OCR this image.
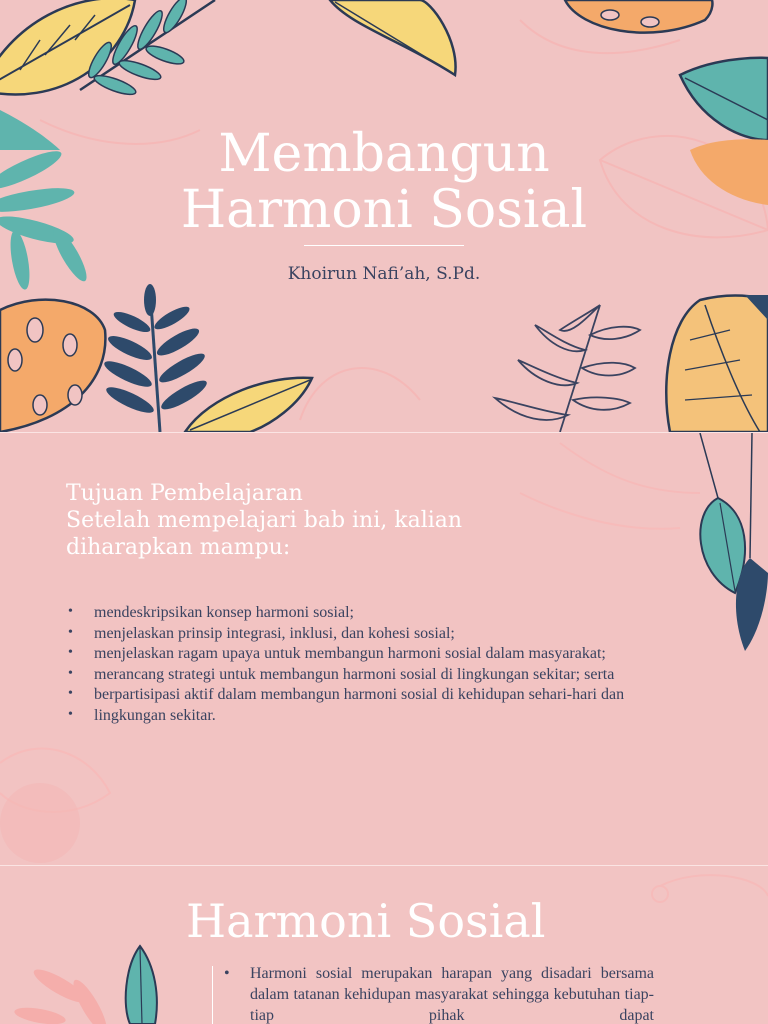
Membangun
Harmoni Sosial
Khoirun Nafi’ah, S.Pd.
Tujuan Pembelajaran
Setelah mempelajari bab ini, kalian
diharapkan mampu:
• mendeskripsikan konsep harmoni sosial;
• menjelaskan prinsip integrasi, inklusi, dan kohesi sosial;
• menjelaskan ragam upaya untuk membangun harmoni sosial dalam masyarakat;
• merancang strategi untuk membangun harmoni sosial di lingkungan sekitar; serta
• berpartisipasi aktif dalam membangun harmoni sosial di kehidupan sehari-hari dan
• lingkungan sekitar.
Harmoni Sosial
• Harmoni sosial merupakan harapan yang disadari bersama dalam tatanan kehidupan masyarakat sehingga kebutuhan tiap-tiap pihak dapat
